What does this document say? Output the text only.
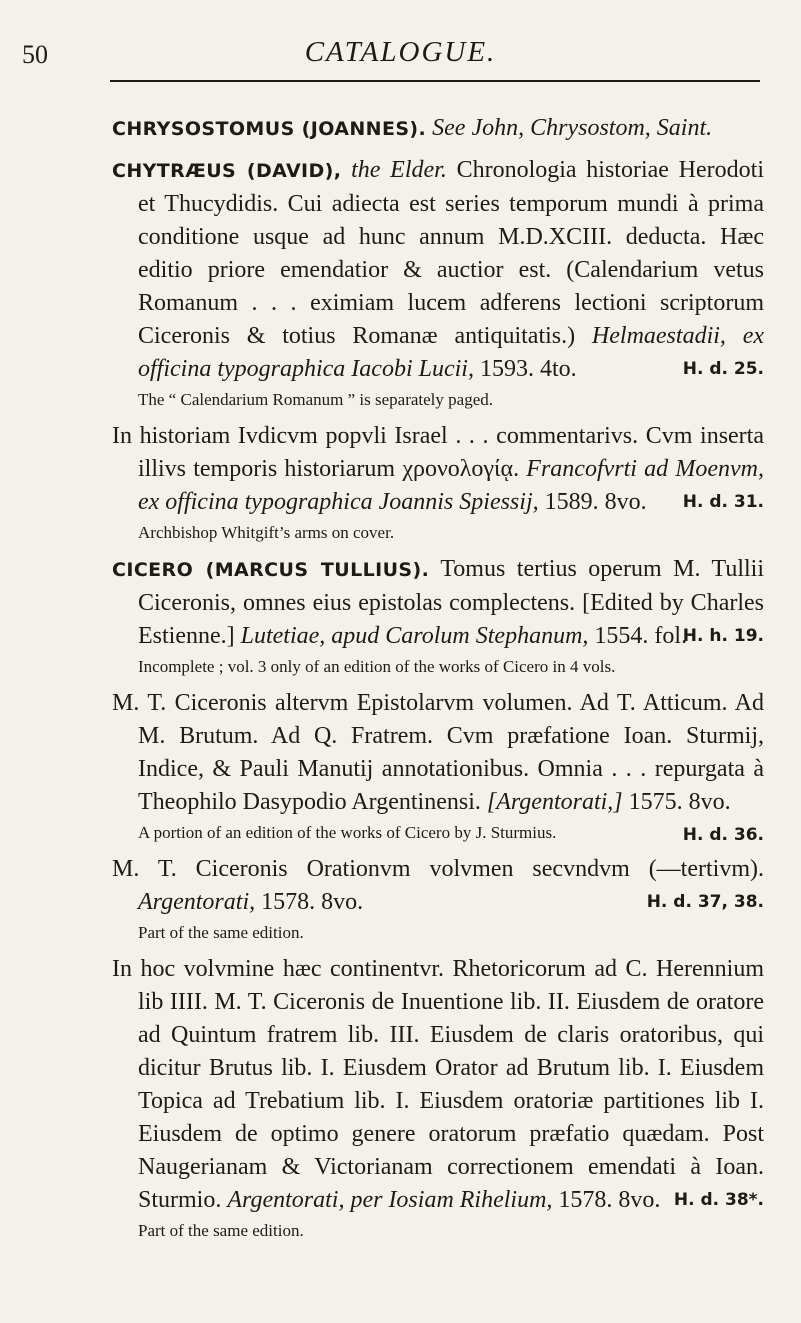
50	CATALOGUE.

CHRYSOSTOMUS (JOANNES). See John, Chrysostom, Saint.

CHYTRÆUS (DAVID), the Elder. Chronologia historiae Herodoti et Thucydidis. Cui adiecta est series temporum mundi à prima conditione usque ad hunc annum M.D.XCIII. deducta. Hæc editio priore emendatior & auctior est. (Calendarium vetus Romanum . . . eximiam lucem adferens lectioni scriptorum Ciceronis & totius Romanæ antiquitatis.) Helmaestadii, ex officina typographica Iacobi Lucii, 1593. 4to.	H. d. 25.

The “ Calendarium Romanum ” is separately paged.

In historiam Ivdicvm popvli Israel . . . commentarivs. Cvm inserta illivs temporis historiarum χρονολογίᾳ. Francofvrti ad Moenvm, ex officina typographica Joannis Spiessij, 1589. 8vo. H. d. 31.

Archbishop Whitgift’s arms on cover.

CICERO (MARCUS TULLIUS). Tomus tertius operum M. Tullii Ciceronis, omnes eius epistolas complectens. [Edited by Charles Estienne.] Lutetiae, apud Carolum Stephanum, 1554. fol.
H. h. 19.

Incomplete ; vol. 3 only of an edition of the works of Cicero in 4 vols.

M. T. Ciceronis altervm Epistolarvm volumen. Ad T. Atticum. Ad M. Brutum. Ad Q. Fratrem. Cvm præfatione Ioan. Sturmij, Indice, & Pauli Manutij annotationibus. Omnia . . . repurgata à Theophilo Dasypodio Argentinensi. [Argentorati,] 1575. 8vo.
H. d. 36.

A portion of an edition of the works of Cicero by J. Sturmius.

M. T. Ciceronis Orationvm volvmen secvndvm (—tertivm). Argentorati, 1578. 8vo.	H. d. 37, 38.

Part of the same edition.

In hoc volvmine hæc continentvr. Rhetoricorum ad C. Herennium lib IIII. M. T. Ciceronis de Inuentione lib. II. Eiusdem de oratore ad Quintum fratrem lib. III. Eiusdem de claris oratoribus, qui dicitur Brutus lib. I. Eiusdem Orator ad Brutum lib. I. Eiusdem Topica ad Trebatium lib. I. Eiusdem oratoriæ partitiones lib I. Eiusdem de optimo genere oratorum præfatio quædam. Post Naugerianam & Victorianam correctionem emendati à Ioan. Sturmio. Argentorati, per Iosiam Rihelium, 1578. 8vo. H. d. 38*.

Part of the same edition.
